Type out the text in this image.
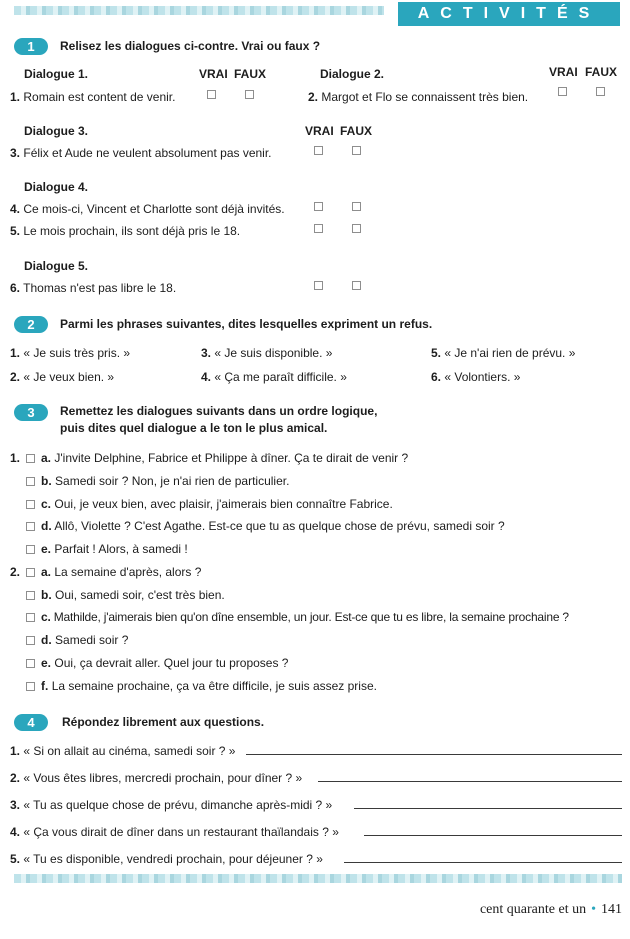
ACTIVITÉS
1	Relisez les dialogues ci-contre. Vrai ou faux ?
Dialogue 1.	VRAI FAUX	Dialogue 2.	VRAI FAUX
1. Romain est content de venir.	2. Margot et Flo se connaissent très bien.
Dialogue 3.	VRAI FAUX
3. Félix et Aude ne veulent absolument pas venir.
Dialogue 4.
4. Ce mois-ci, Vincent et Charlotte sont déjà invités.
5. Le mois prochain, ils sont déjà pris le 18.
Dialogue 5.
6. Thomas n'est pas libre le 18.
2	Parmi les phrases suivantes, dites lesquelles expriment un refus.
1. « Je suis très pris. »
2. « Je veux bien. »
3. « Je suis disponible. »
4. « Ça me paraît difficile. »
5. « Je n'ai rien de prévu. »
6. « Volontiers. »
3	Remettez les dialogues suivants dans un ordre logique,
puis dites quel dialogue a le ton le plus amical.
1.	a. J'invite Delphine, Fabrice et Philippe à dîner. Ça te dirait de venir ?
b. Samedi soir ? Non, je n'ai rien de particulier.
c. Oui, je veux bien, avec plaisir, j'aimerais bien connaître Fabrice.
d. Allô, Violette ? C'est Agathe. Est-ce que tu as quelque chose de prévu, samedi soir ?
e. Parfait ! Alors, à samedi !
2.	a. La semaine d'après, alors ?
b. Oui, samedi soir, c'est très bien.
c. Mathilde, j'aimerais bien qu'on dîne ensemble, un jour. Est-ce que tu es libre, la semaine prochaine ?
d. Samedi soir ?
e. Oui, ça devrait aller. Quel jour tu proposes ?
f. La semaine prochaine, ça va être difficile, je suis assez prise.
4	Répondez librement aux questions.
1. « Si on allait au cinéma, samedi soir ? »
2. « Vous êtes libres, mercredi prochain, pour dîner ? »
3. « Tu as quelque chose de prévu, dimanche après-midi ? »
4. « Ça vous dirait de dîner dans un restaurant thaïlandais ? »
5. « Tu es disponible, vendredi prochain, pour déjeuner ? »
cent quarante et un • 141
